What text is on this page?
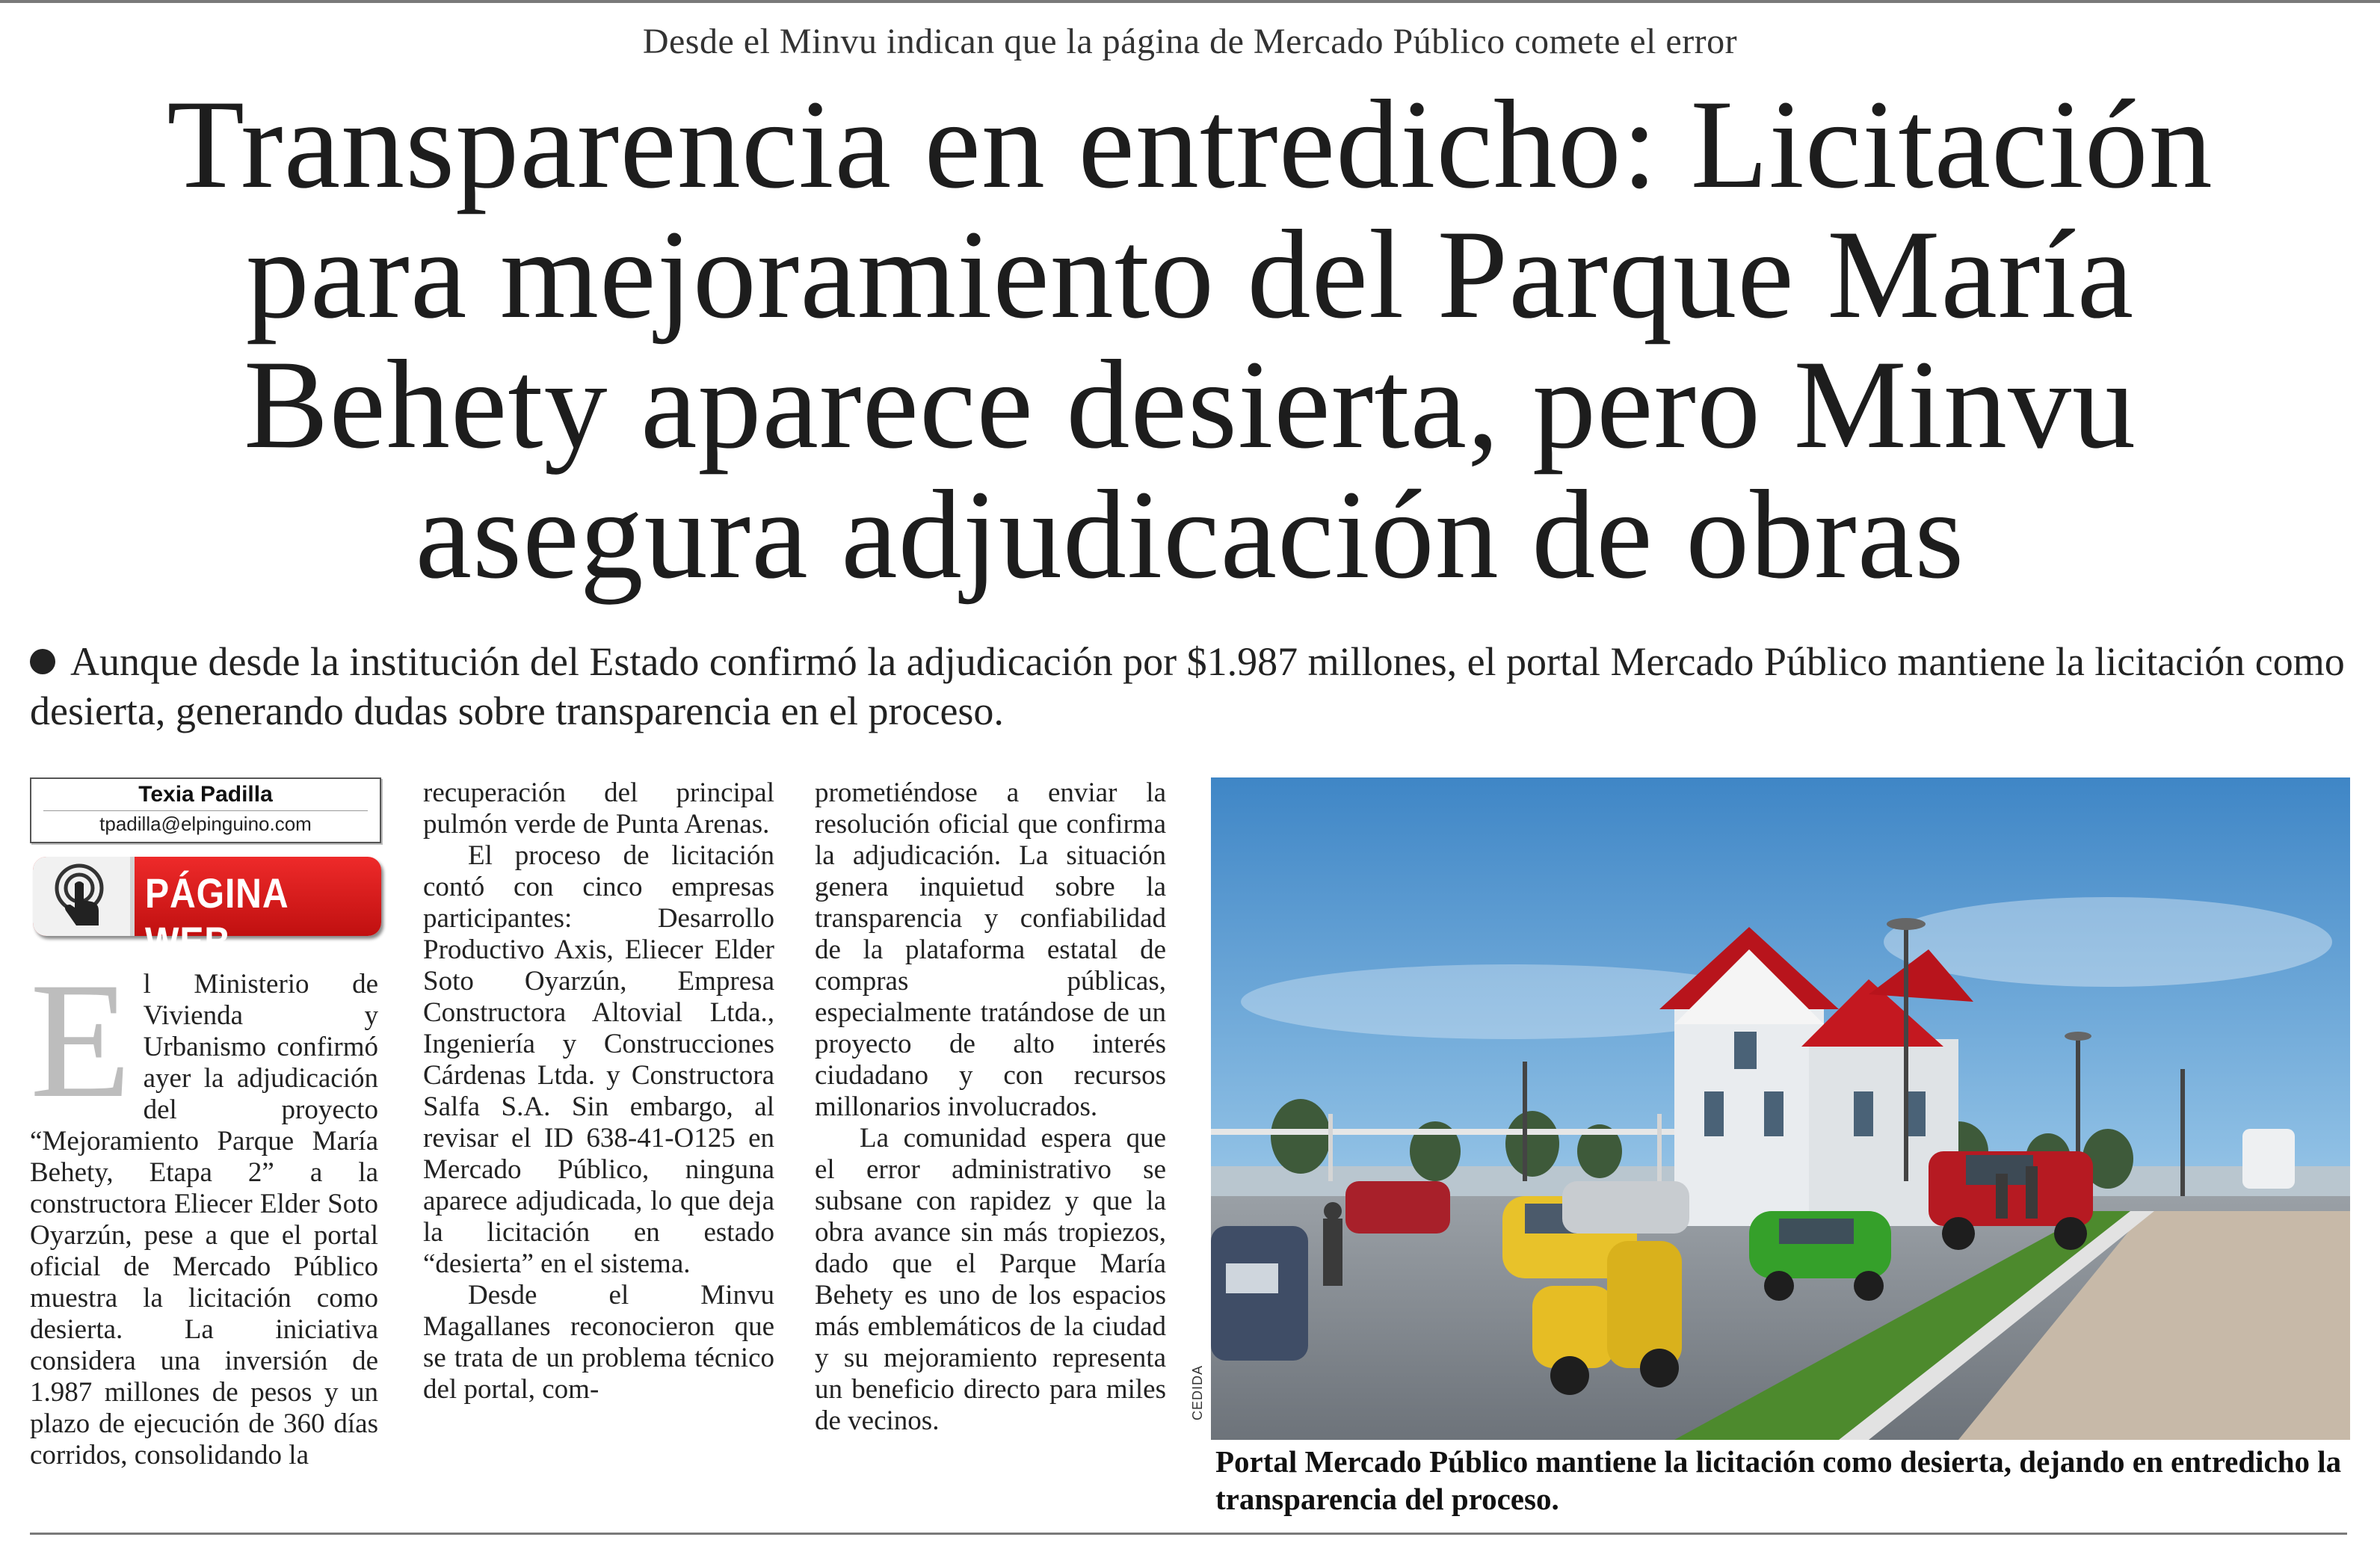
Desde el Minvu indican que la página de Mercado Público comete el error
Transparencia en entredicho: Licitación
para mejoramiento del Parque María
Behety aparece desierta, pero Minvu
asegura adjudicación de obras
Aunque desde la institución del Estado confirmó la adjudicación por $1.987 millones, el portal Mercado Público mantiene la licitación como desierta, generando dudas sobre transparencia en el proceso.
Texia Padilla
tpadilla@elpinguino.com
PÁGINA WEB
E l Ministerio de Vivienda y Urbanismo confirmó ayer la adjudicación del proyecto “Mejoramiento Parque María Behety, Etapa 2” a la constructora Eliecer Elder Soto Oyarzún, pese a que el portal oficial de Mercado Público muestra la licitación como desierta. La iniciativa considera una inversión de 1.987 millones de pesos y un plazo de ejecución de 360 días corridos, consolidando la

recuperación del principal pulmón verde de Punta Arenas.

El proceso de licitación contó con cinco empresas participantes: Desarrollo Productivo Axis, Eliecer Elder Soto Oyarzún, Empresa Constructora Altovial Ltda., Ingeniería y Construcciones Cárdenas Ltda. y Constructora Salfa S.A. Sin embargo, al revisar el ID 638-41-O125 en Mercado Público, ninguna aparece adjudicada, lo que deja la licitación en estado “desierta” en el sistema.

Desde el Minvu Magallanes reconocieron que se trata de un problema técnico del portal, com-

prometiéndose a enviar la resolución oficial que confirma la adjudicación. La situación genera inquietud sobre la transparencia y confiabilidad de la plataforma estatal de compras públicas, especialmente tratándose de un proyecto de alto interés ciudadano y con recursos millonarios involucrados.

La comunidad espera que el error administrativo se subsane con rapidez y que la obra avance sin más tropiezos, dado que el Parque María Behety es uno de los espacios más emblemáticos de la ciudad y su mejoramiento representa un beneficio directo para miles de vecinos.

CEDIDA
Portal Mercado Público mantiene la licitación como desierta, dejando en entredicho la transparencia del proceso.
